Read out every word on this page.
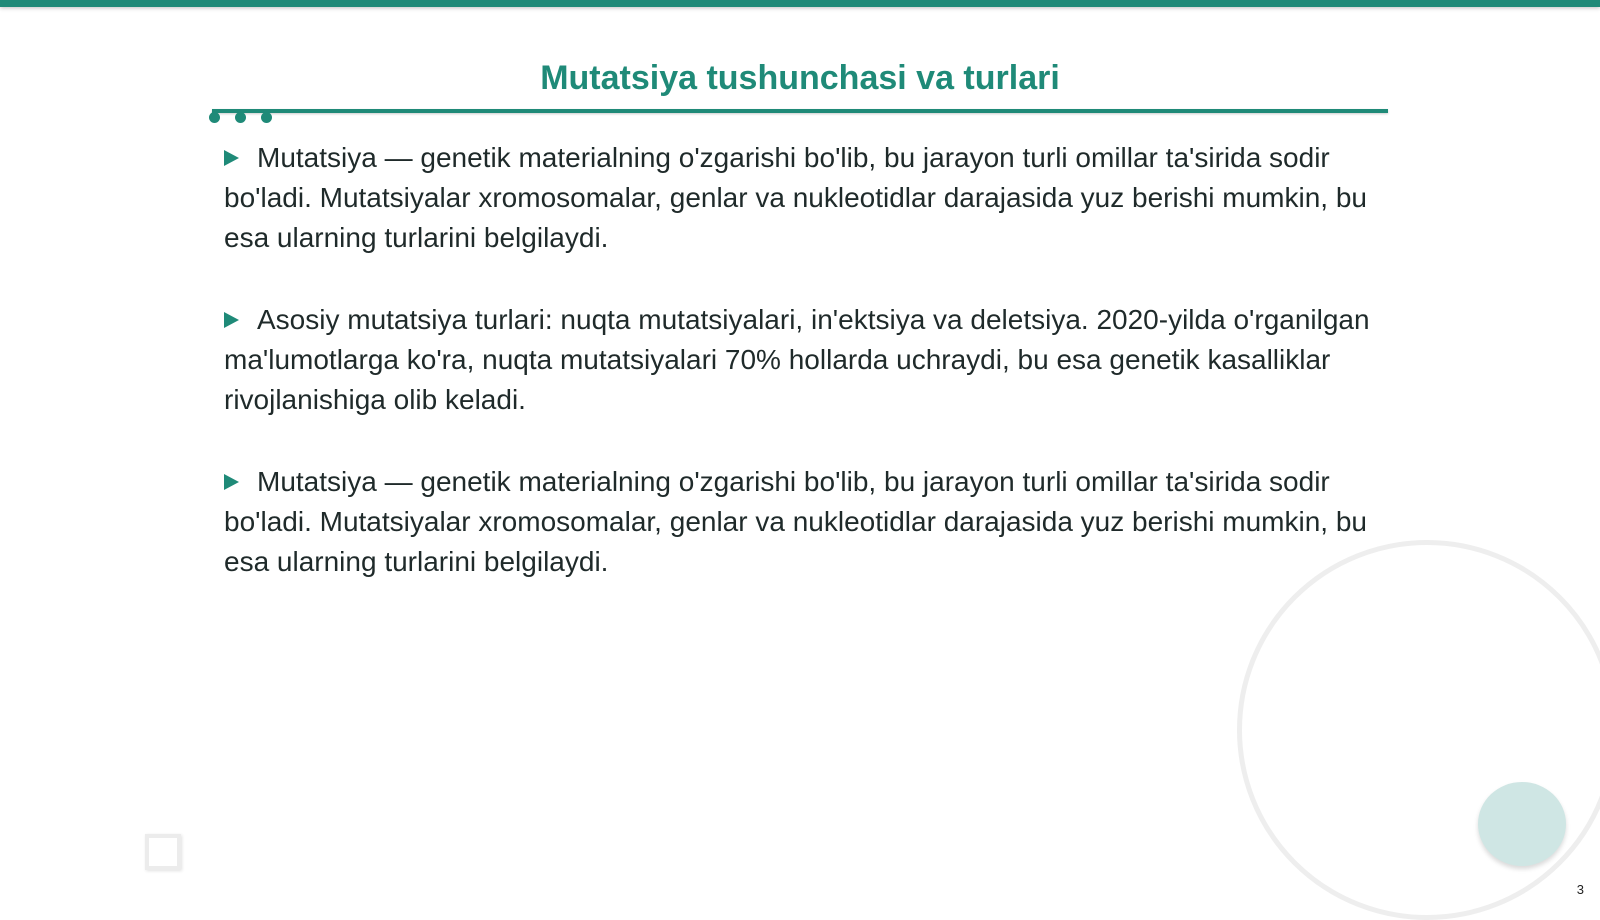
Mutatsiya tushunchasi va turlari

Mutatsiya — genetik materialning o'zgarishi bo'lib, bu jarayon turli omillar ta'sirida sodir bo'ladi. Mutatsiyalar xromosomalar, genlar va nukleotidlar darajasida yuz berishi mumkin, bu esa ularning turlarini belgilaydi.

Asosiy mutatsiya turlari: nuqta mutatsiyalari, in'ektsiya va deletsiya. 2020-yilda o'rganilgan ma'lumotlarga ko'ra, nuqta mutatsiyalari 70% hollarda uchraydi, bu esa genetik kasalliklar rivojlanishiga olib keladi.

Mutatsiya — genetik materialning o'zgarishi bo'lib, bu jarayon turli omillar ta'sirida sodir bo'ladi. Mutatsiyalar xromosomalar, genlar va nukleotidlar darajasida yuz berishi mumkin, bu esa ularning turlarini belgilaydi.

3
